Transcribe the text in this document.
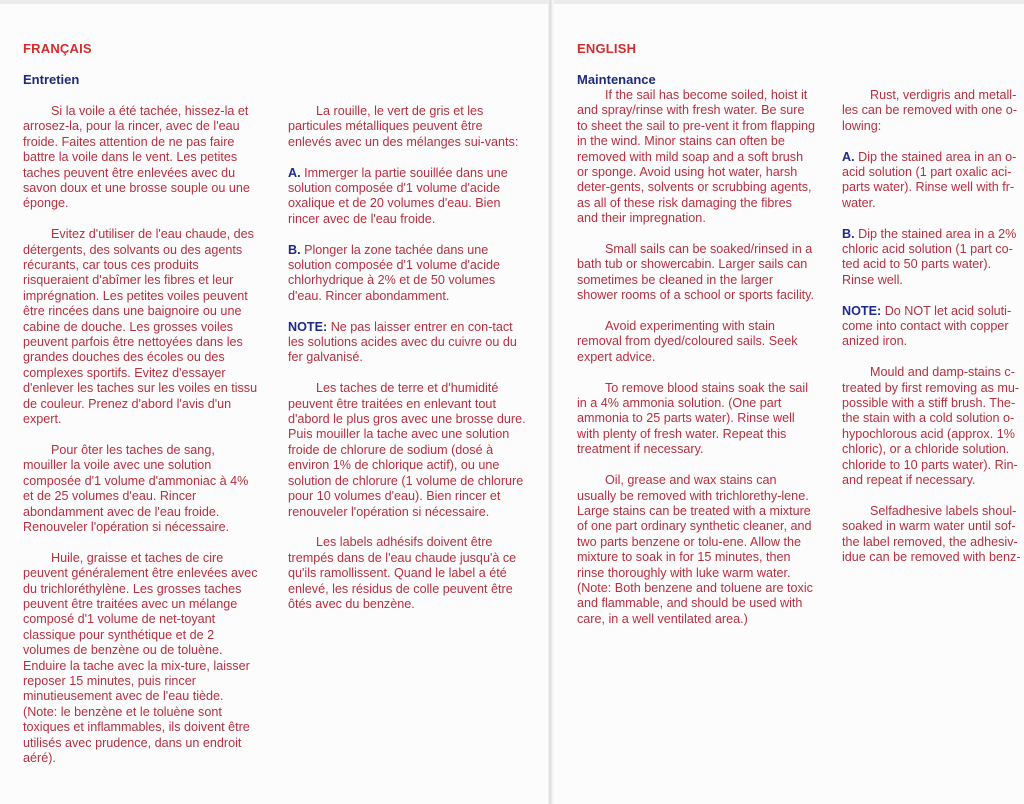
FRANÇAIS
Entretien

Si la voile a été tachée, hissez-la et arrosez-la, pour la rincer, avec de l'eau froide. Faites attention de ne pas faire battre la voile dans le vent. Les petites taches peuvent être enlevées avec du savon doux et une brosse souple ou une éponge.

Evitez d'utiliser de l'eau chaude, des détergents, des solvants ou des agents récurants, car tous ces produits risqueraient d'abîmer les fibres et leur imprégnation. Les petites voiles peuvent être rincées dans une baignoire ou une cabine de douche. Les grosses voiles peuvent parfois être nettoyées dans les grandes douches des écoles ou des complexes sportifs. Evitez d'essayer d'enlever les taches sur les voiles en tissu de couleur. Prenez d'abord l'avis d'un expert.

Pour ôter les taches de sang, mouiller la voile avec une solution composée d'1 volume d'ammoniac à 4% et de 25 volumes d'eau. Rincer abondamment avec de l'eau froide. Renouveler l'opération si nécessaire.

Huile, graisse et taches de cire peuvent généralement être enlevées avec du trichloréthylène. Les grosses taches peuvent être traitées avec un mélange composé d'1 volume de net-toyant classique pour synthétique et de 2 volumes de benzène ou de toluène. Enduire la tache avec la mix-ture, laisser reposer 15 minutes, puis rincer minutieusement avec de l'eau tiède. (Note: le benzène et le toluène sont toxiques et inflammables, ils doivent être utilisés avec prudence, dans un endroit aéré).

La rouille, le vert de gris et les particules métalliques peuvent être enlevés avec un des mélanges sui-vants:

A. Immerger la partie souillée dans une solution composée d'1 volume d'acide oxalique et de 20 volumes d'eau. Bien rincer avec de l'eau froide.

B. Plonger la zone tachée dans une solution composée d'1 volume d'acide chlorhydrique à 2% et de 50 volumes d'eau. Rincer abondamment.

NOTE: Ne pas laisser entrer en con-tact les solutions acides avec du cuivre ou du fer galvanisé.

Les taches de terre et d'humidité peuvent être traitées en enlevant tout d'abord le plus gros avec une brosse dure. Puis mouiller la tache avec une solution froide de chlorure de sodium (dosé à environ 1% de chlorique actif), ou une solution de chlorure (1 volume de chlorure pour 10 volumes d'eau). Bien rincer et renouveler l'opération si nécessaire.

Les labels adhésifs doivent être trempés dans de l'eau chaude jusqu'à ce qu'ils ramollissent. Quand le label a été enlevé, les résidus de colle peuvent être ôtés avec du benzène.

ENGLISH
Maintenance

If the sail has become soiled, hoist it and spray/rinse with fresh water. Be sure to sheet the sail to pre-vent it from flapping in the wind. Minor stains can often be removed with mild soap and a soft brush or sponge. Avoid using hot water, harsh deter-gents, solvents or scrubbing agents, as all of these risk damaging the fibres and their impregnation.

Small sails can be soaked/rinsed in a bath tub or showercabin. Larger sails can sometimes be cleaned in the larger shower rooms of a school or sports facility.

Avoid experimenting with stain removal from dyed/coloured sails. Seek expert advice.

To remove blood stains soak the sail in a 4% ammonia solution. (One part ammonia to 25 parts water). Rinse well with plenty of fresh water. Repeat this treatment if necessary.

Oil, grease and wax stains can usually be removed with trichlorethy-lene. Large stains can be treated with a mixture of one part ordinary synthetic cleaner, and two parts benzene or tolu-ene. Allow the mixture to soak in for 15 minutes, then rinse thoroughly with luke warm water. (Note: Both benzene and toluene are toxic and flammable, and should be used with care, in a well ventilated area.)

Rust, verdigris and metall-les can be removed with one o-lowing:

A. Dip the stained area in an o- acid solution (1 part oxalic aci- parts water). Rinse well with fr- water.

B. Dip the stained area in a 2% chloric acid solution (1 part co- ted acid to 50 parts water). Rinse well.

NOTE: Do NOT let acid soluti- come into contact with copper anized iron.

Mould and damp-stains c- treated by first removing as mu- possible with a stiff brush. The- the stain with a cold solution o- hypochlorous acid (approx. 1% chloric), or a chloride solution. chloride to 10 parts water). Rin- and repeat if necessary.

Selfadhesive labels shoul- soaked in warm water until sof- the label removed, the adhesiv- idue can be removed with benz-
